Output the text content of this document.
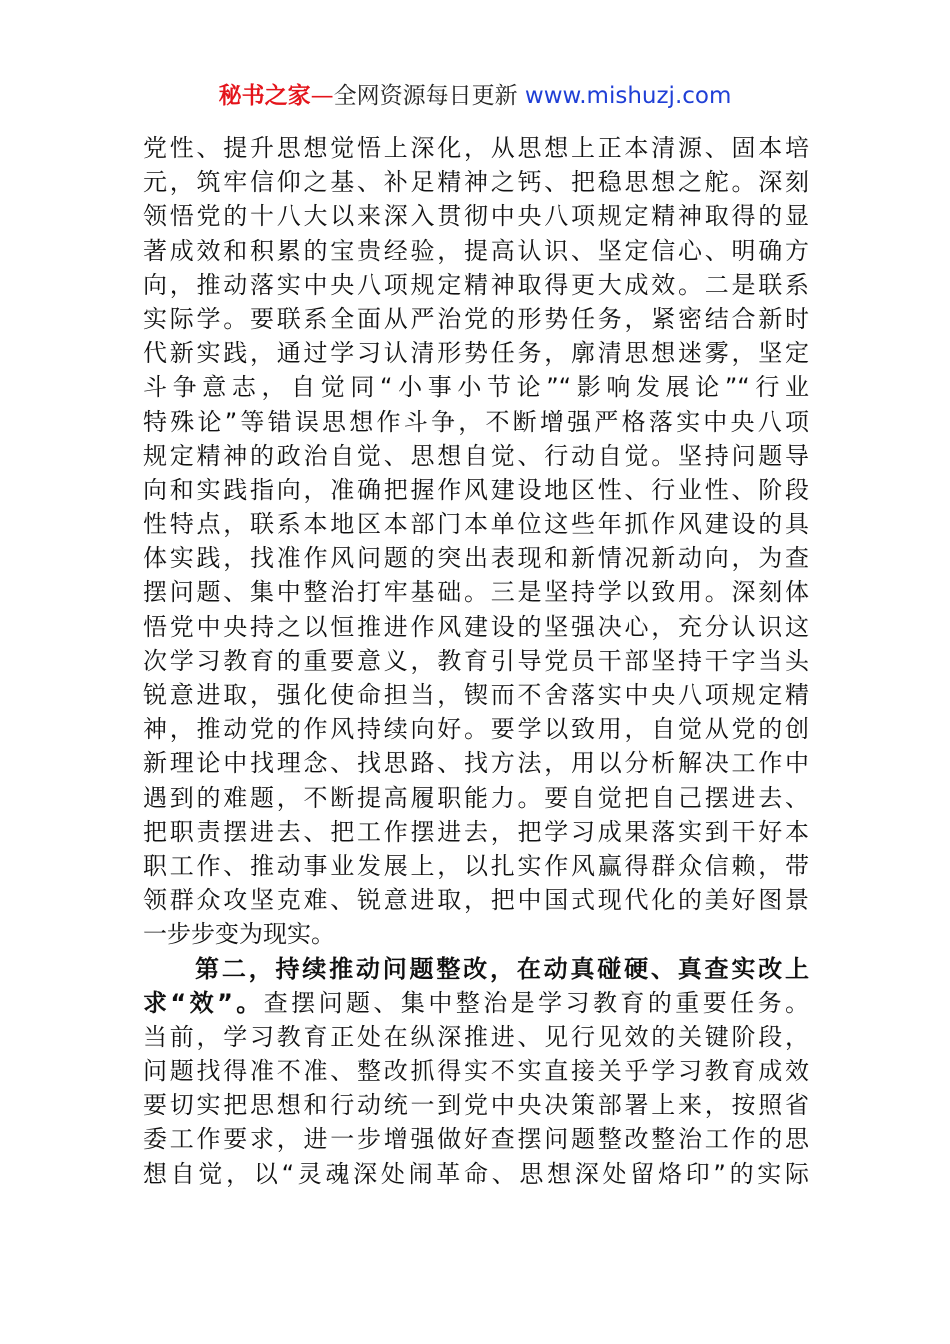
秘书之家—全网资源每日更新 www.mishuzj.com
党性、提升思想觉悟上深化，从思想上正本清源、固本培
元，筑牢信仰之基、补足精神之钙、把稳思想之舵。深刻
领悟党的十八大以来深入贯彻中央八项规定精神取得的显
著成效和积累的宝贵经验，提高认识、坚定信心、明确方
向，推动落实中央八项规定精神取得更大成效。二是联系
实际学。要联系全面从严治党的形势任务，紧密结合新时
代新实践，通过学习认清形势任务，廓清思想迷雾，坚定
斗争意志，自觉同“小事小节论”“影响发展论”“行业
特殊论”等错误思想作斗争，不断增强严格落实中央八项
规定精神的政治自觉、思想自觉、行动自觉。坚持问题导
向和实践指向，准确把握作风建设地区性、行业性、阶段
性特点，联系本地区本部门本单位这些年抓作风建设的具
体实践，找准作风问题的突出表现和新情况新动向，为查
摆问题、集中整治打牢基础。三是坚持学以致用。深刻体
悟党中央持之以恒推进作风建设的坚强决心，充分认识这
次学习教育的重要意义，教育引导党员干部坚持干字当头
锐意进取，强化使命担当，锲而不舍落实中央八项规定精
神，推动党的作风持续向好。要学以致用，自觉从党的创
新理论中找理念、找思路、找方法，用以分析解决工作中
遇到的难题，不断提高履职能力。要自觉把自己摆进去、
把职责摆进去、把工作摆进去，把学习成果落实到干好本
职工作、推动事业发展上，以扎实作风赢得群众信赖，带
领群众攻坚克难、锐意进取，把中国式现代化的美好图景
一步步变为现实。
第二，持续推动问题整改，在动真碰硬、真查实改上
求“效”。查摆问题、集中整治是学习教育的重要任务。
当前，学习教育正处在纵深推进、见行见效的关键阶段，
问题找得准不准、整改抓得实不实直接关乎学习教育成效
要切实把思想和行动统一到党中央决策部署上来，按照省
委工作要求，进一步增强做好查摆问题整改整治工作的思
想自觉，以“灵魂深处闹革命、思想深处留烙印”的实际
